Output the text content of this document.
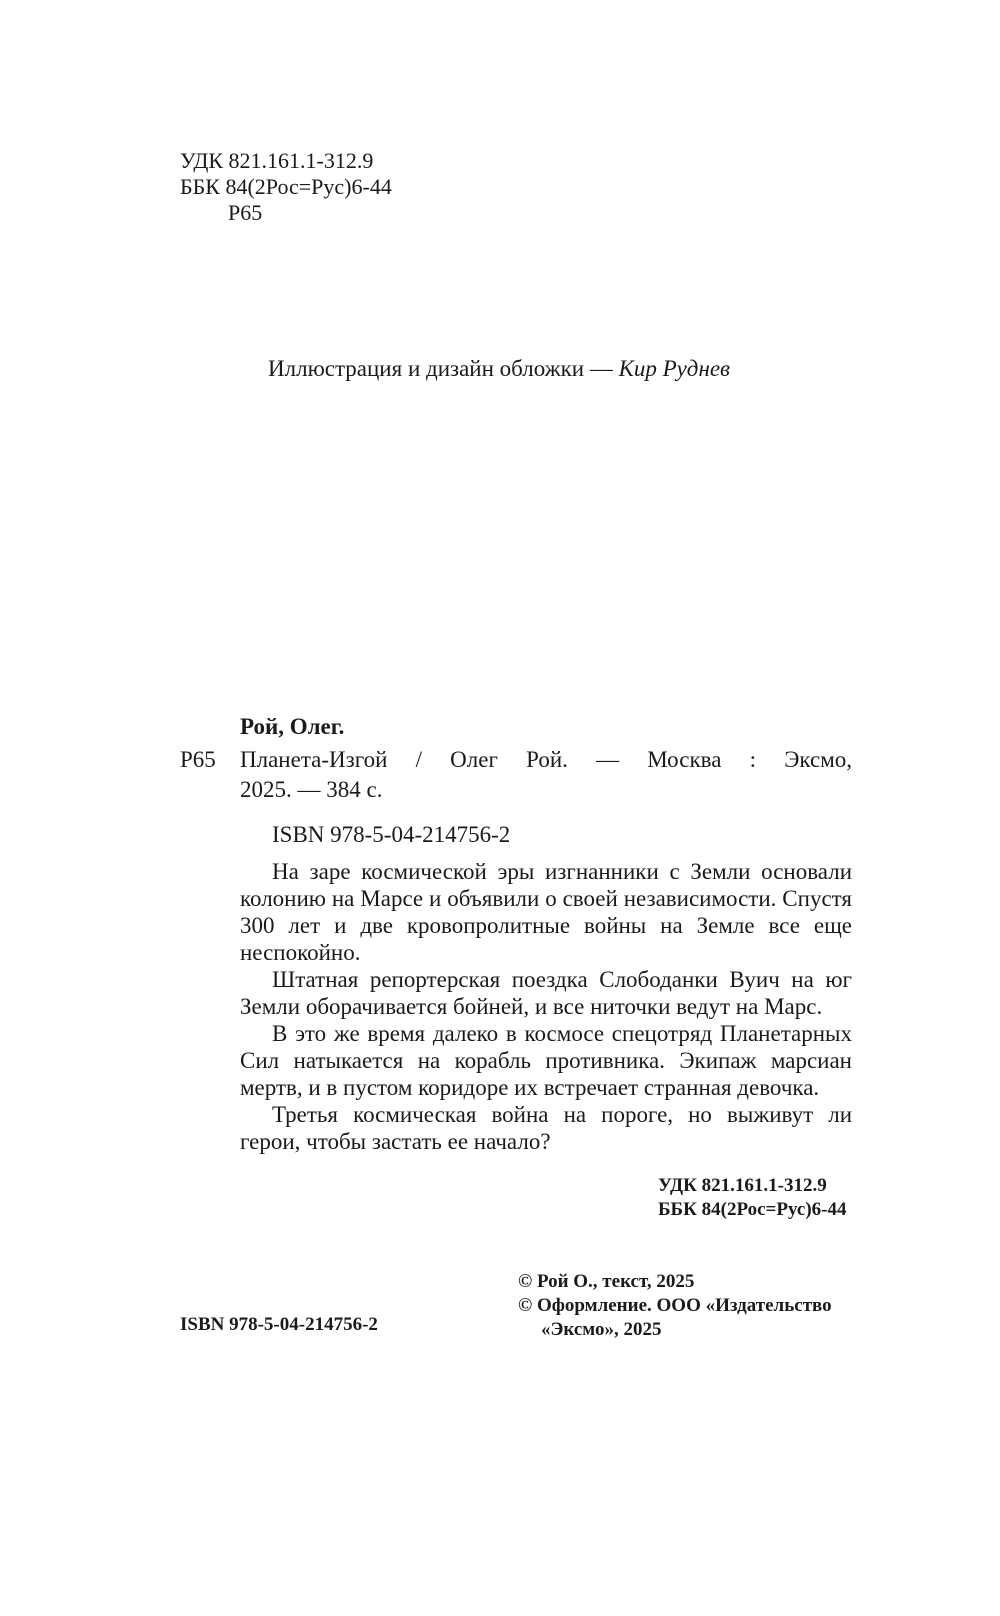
УДК 821.161.1-312.9
ББК 84(2Рос=Рус)6-44
Р65
Иллюстрация и дизайн обложки — Кир Руднев
Рой, Олег.
Р65 Планета-Изгой / Олег Рой. — Москва : Эксмо,
2025. — 384 с.
ISBN 978-5-04-214756-2

На заре космической эры изгнанники с Земли основали колонию на Марсе и объявили о своей независимости. Спустя 300 лет и две кровопролитные войны на Земле все еще неспокойно.

Штатная репортерская поездка Слободанки Вуич на юг Земли оборачивается бойней, и все ниточки ведут на Марс.

В это же время далеко в космосе спецотряд Планетарных Сил натыкается на корабль противника. Экипаж марсиан мертв, и в пустом коридоре их встречает странная девочка.

Третья космическая война на пороге, но выживут ли герои, чтобы застать ее начало?

УДК 821.161.1-312.9
ББК 84(2Рос=Рус)6-44
© Рой О., текст, 2025
© Оформление. ООО «Издательство
«Эксмо», 2025
ISBN 978-5-04-214756-2
